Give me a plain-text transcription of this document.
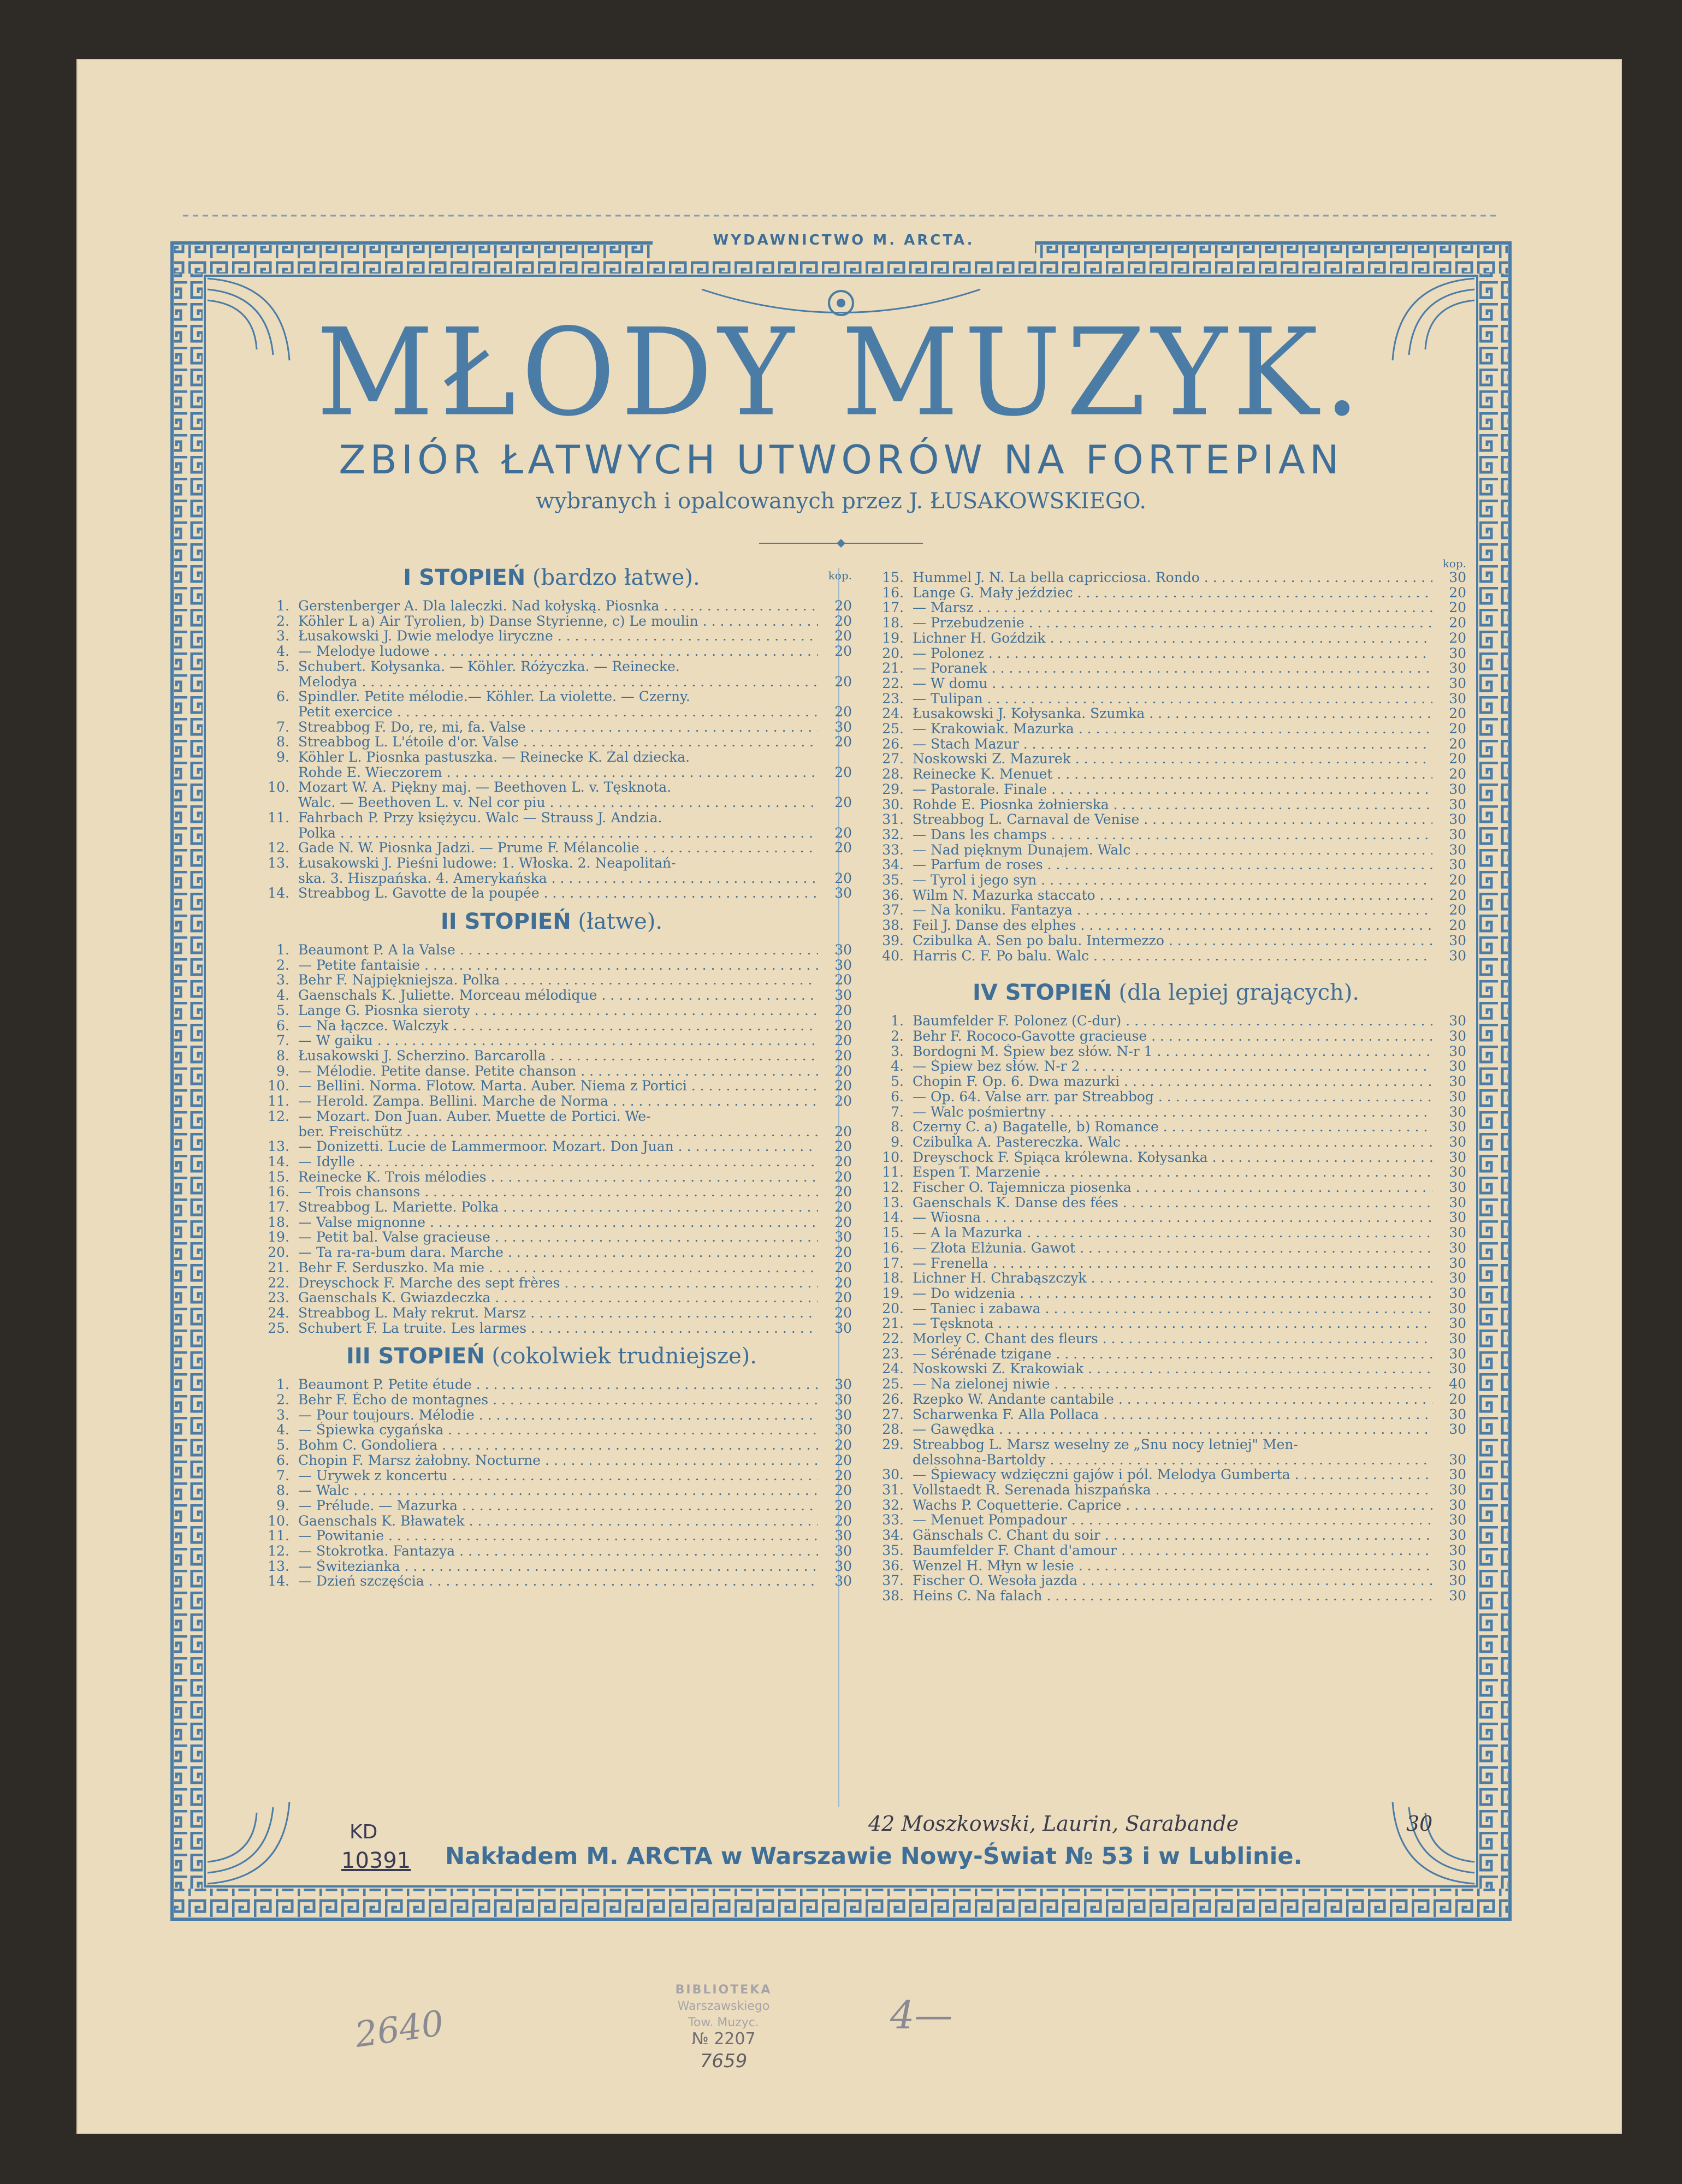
WYDAWNICTWO M. ARCTA.
MŁODY MUZYK.
ZBIÓR ŁATWYCH UTWORÓW NA FORTEPIAN
wybranych i opalcowanych przez J. ŁUSAKOWSKIEGO.
I STOPIEŃ (bardzo łatwe).	kop.
1. Gerstenberger A. Dla laleczki. Nad kołyską. Piosnka . . .	20
2. Köhler L a) Air Tyrolien, b) Danse Styrienne, c) Le moulin . . .	20
3. Łusakowski J. Dwie melodye liryczne . . .	20
4. — Melodye ludowe . . .	20
5. Schubert. Kołysanka. — Köhler. Różyczka. — Reinecke.
Melodya . . .	20
6. Spindler. Petite mélodie.— Köhler. La violette. — Czerny.
Petit exercice . . .	20
7. Streabbog F. Do, re, mi, fa. Valse . . .	30
8. Streabbog L. L'étoile d'or. Valse . . .	20
9. Köhler L. Piosnka pastuszka. — Reinecke K. Żal dziecka.
Rohde E. Wieczorem . . .	20
10. Mozart W. A. Piękny maj. — Beethoven L. v. Tęsknota.
Walc. — Beethoven L. v. Nel cor piu . . .	20
11. Fahrbach P. Przy księżycu. Walc — Strauss J. Andzia.
Polka . . .	20
12. Gade N. W. Piosnka Jadzi. — Prume F. Mélancolie . . .	20
13. Łusakowski J. Pieśni ludowe: 1. Włoska. 2. Neapolitań-
ska. 3. Hiszpańska. 4. Amerykańska . . .	20
14. Streabbog L. Gavotte de la poupée . . .	30
II STOPIEŃ (łatwe).
1. Beaumont P. A la Valse . . .	30
2. — Petite fantaisie . . .	30
3. Behr F. Najpiękniejsza. Polka . . .	20
4. Gaenschals K. Juliette. Morceau mélodique . . .	30
5. Lange G. Piosnka sieroty . . .	20
6. — Na łączce. Walczyk . . .	20
7. — W gaiku . . .	20
8. Łusakowski J. Scherzino. Barcarolla . . .	20
9. — Mélodie. Petite danse. Petite chanson . . .	20
10. — Bellini. Norma. Flotow. Marta. Auber. Niema z Portici . . .	20
11. — Herold. Zampa. Bellini. Marche de Norma . . .	20
12. — Mozart. Don Juan. Auber. Muette de Portici. We-
ber. Freischütz . . .	20
13. — Donizetti. Lucie de Lammermoor. Mozart. Don Juan . . .	20
14. — Idylle . . .	20
15. Reinecke K. Trois mélodies . . .	20
16. — Trois chansons . . .	20
17. Streabbog L. Mariette. Polka . . .	20
18. — Valse mignonne . . .	20
19. — Petit bal. Valse gracieuse . . .	30
20. — Ta ra-ra-bum dara. Marche . . .	20
21. Behr F. Serduszko. Ma mie . . .	20
22. Dreyschock F. Marche des sept frères . . .	20
23. Gaenschals K. Gwiazdeczka . . .	20
24. Streabbog L. Mały rekrut. Marsz . . .	20
25. Schubert F. La truite. Les larmes . . .	30
III STOPIEŃ (cokolwiek trudniejsze).
1. Beaumont P. Petite étude . . .	30
2. Behr F. Écho de montagnes . . .	30
3. — Pour toujours. Mélodie . . .	30
4. — Śpiewka cygańska . . .	30
5. Bohm C. Gondoliera . . .	20
6. Chopin F. Marsz żałobny. Nocturne . . .	20
7. — Urywek z koncertu . . .	20
8. — Walc . . .	20
9. — Prélude. — Mazurka . . .	20
10. Gaenschals K. Bławatek . . .	20
11. — Powitanie . . .	30
12. — Stokrotka. Fantazya . . .	30
13. — Świtezianka . . .	30
14. — Dzień szczęścia . . .	30
kop.
15. Hummel J. N. La bella capricciosa. Rondo . . .	30
16. Lange G. Mały jeździec . . .	20
17. — Marsz . . .	20
18. — Przebudzenie . . .	20
19. Lichner H. Goździk . . .	20
20. — Polonez . . .	30
21. — Poranek . . .	30
22. — W domu . . .	30
23. — Tulipan . . .	30
24. Łusakowski J. Kołysanka. Szumka . . .	20
25. — Krakowiak. Mazurka . . .	20
26. — Stach Mazur . . .	20
27. Noskowski Z. Mazurek . . .	20
28. Reinecke K. Menuet . . .	20
29. — Pastorale. Finale . . .	30
30. Rohde E. Piosnka żołnierska . . .	30
31. Streabbog L. Carnaval de Venise . . .	30
32. — Dans les champs . . .	30
33. — Nad pięknym Dunajem. Walc . . .	30
34. — Parfum de roses . . .	30
35. — Tyrol i jego syn . . .	20
36. Wilm N. Mazurka staccato . . .	20
37. — Na koniku. Fantazya . . .	20
38. Feil J. Danse des elphes . . .	20
39. Czibulka A. Sen po balu. Intermezzo . . .	30
40. Harris C. F. Po balu. Walc . . .	30
IV STOPIEŃ (dla lepiej grających).
1. Baumfelder F. Polonez (C-dur) . . .	30
2. Behr F. Rococo-Gavotte gracieuse . . .	30
3. Bordogni M. Śpiew bez słów. N-r 1 . . .	30
4. — Śpiew bez słów. N-r 2 . . .	30
5. Chopin F. Op. 6. Dwa mazurki . . .	30
6. — Op. 64. Valse arr. par Streabbog . . .	30
7. — Walc pośmiertny . . .	30
8. Czerny C. a) Bagatelle, b) Romance . . .	30
9. Czibulka A. Pastereczka. Walc . . .	30
10. Dreyschock F. Śpiąca królewna. Kołysanka . . .	30
11. Espen T. Marzenie . . .	30
12. Fischer O. Tajemnicza piosenka . . .	30
13. Gaenschals K. Danse des fées . . .	30
14. — Wiosna . . .	30
15. — A la Mazurka . . .	30
16. — Złota Elżunia. Gawot . . .	30
17. — Frenella . . .	30
18. Lichner H. Chrabąszczyk . . .	30
19. — Do widzenia . . .	30
20. — Taniec i zabawa . . .	30
21. — Tęsknota . . .	30
22. Morley C. Chant des fleurs . . .	30
23. — Sérénade tzigane . . .	30
24. Noskowski Z. Krakowiak . . .	30
25. — Na zielonej niwie . . .	40
26. Rzepko W. Andante cantabile . . .	20
27. Scharwenka F. Alla Pollaca . . .	30
28. — Gawędka . . .	30
29. Streabbog L. Marsz weselny ze „Snu nocy letniej" Men-
delssohna-Bartoldy . . .	30
30. — Śpiewacy wdzięczni gajów i pól. Melodya Gumberta . . .	30
31. Vollstaedt R. Serenada hiszpańska . . .	30
32. Wachs P. Coquetterie. Caprice . . .	30
33. — Menuet Pompadour . . .	30
34. Gänschals C. Chant du soir . . .	30
35. Baumfelder F. Chant d'amour . . .	30
36. Wenzel H. Młyn w lesie . . .	30
37. Fischer O. Wesoła jazda . . .	30
38. Heins C. Na falach . . .	30
42 Moszkowski, Laurin, Sarabande	30
Nakładem M. ARCTA w Warszawie Nowy-Świat № 53 i w Lublinie.
KD
10391
2640	4—
BIBLIOTEKA
Warszawskiego
Tow. Muzyc.
№ 2207
7659
